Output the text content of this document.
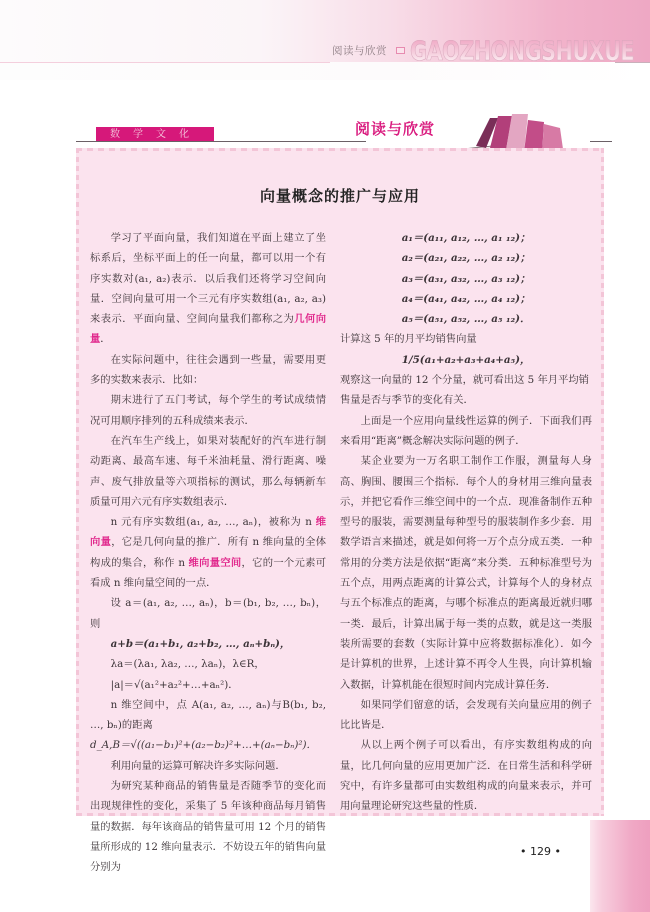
阅读与欣赏 GAOZHONGSHUXUE
数学文化	阅读与欣赏
向量概念的推广与应用

学习了平面向量，我们知道在平面上建立了坐标系后，坐标平面上的任一向量，都可以用一个有序实数对(a₁, a₂)表示．以后我们还将学习空间向量．空间向量可用一个三元有序实数组(a₁, a₂, a₃)来表示．平面向量、空间向量我们都称之为几何向量．

在实际问题中，往往会遇到一些量，需要用更多的实数来表示．比如：

期末进行了五门考试，每个学生的考试成绩情况可用顺序排列的五科成绩来表示．

在汽车生产线上，如果对装配好的汽车进行制动距离、最高车速、每千米油耗量、滑行距离、噪声、废气排放量等六项指标的测试，那么每辆新车质量可用六元有序实数组表示．

n 元有序实数组(a₁, a₂, …, aₙ)，被称为 n 维向量，它是几何向量的推广．所有 n 维向量的全体构成的集合，称作 n 维向量空间，它的一个元素可看成 n 维向量空间的一点．

设 a＝(a₁, a₂, …, aₙ)，b＝(b₁, b₂, …, bₙ)，则

a+b＝(a₁+b₁, a₂+b₂, …, aₙ+bₙ)，

λa＝(λa₁, λa₂, …, λaₙ)，λ∈R，

|a|＝√(a₁²+a₂²+…+aₙ²)．

n 维空间中，点 A(a₁, a₂, …, aₙ)与B(b₁, b₂, …, bₙ)的距离

d_A,B＝√((a₁−b₁)²+(a₂−b₂)²+…+(aₙ−bₙ)²)．

利用向量的运算可解决许多实际问题．

为研究某种商品的销售量是否随季节的变化而出现规律性的变化，采集了 5 年该种商品每月销售量的数据．每年该商品的销售量可用 12 个月的销售量所形成的 12 维向量表示．不妨设五年的销售向量分别为

a₁＝(a₁₁, a₁₂, …, a₁ ₁₂)；

a₂＝(a₂₁, a₂₂, …, a₂ ₁₂)；

a₃＝(a₃₁, a₃₂, …, a₃ ₁₂)；

a₄＝(a₄₁, a₄₂, …, a₄ ₁₂)；

a₅＝(a₅₁, a₅₂, …, a₅ ₁₂)．

计算这 5 年的月平均销售向量

1/5(a₁+a₂+a₃+a₄+a₅)，

观察这一向量的 12 个分量，就可看出这 5 年月平均销售量是否与季节的变化有关．

上面是一个应用向量线性运算的例子．下面我们再来看用“距离”概念解决实际问题的例子．

某企业要为一万名职工制作工作服，测量每人身高、胸围、腰围三个指标．每个人的身材用三维向量表示，并把它看作三维空间中的一个点．现准备制作五种型号的服装，需要测量每种型号的服装制作多少套．用数学语言来描述，就是如何将一万个点分成五类．一种常用的分类方法是依据“距离”来分类．五种标准型号为五个点，用两点距离的计算公式，计算每个人的身材点与五个标准点的距离，与哪个标准点的距离最近就归哪一类．最后，计算出属于每一类的点数，就是这一类服装所需要的套数（实际计算中应将数据标准化）．如今是计算机的世界，上述计算不再令人生畏，向计算机输入数据，计算机能在很短时间内完成计算任务．

如果同学们留意的话，会发现有关向量应用的例子比比皆是．

从以上两个例子可以看出，有序实数组构成的向量，比几何向量的应用更加广泛．在日常生活和科学研究中，有许多量都可由实数组构成的向量来表示，并可用向量理论研究这些量的性质．

• 129 •
